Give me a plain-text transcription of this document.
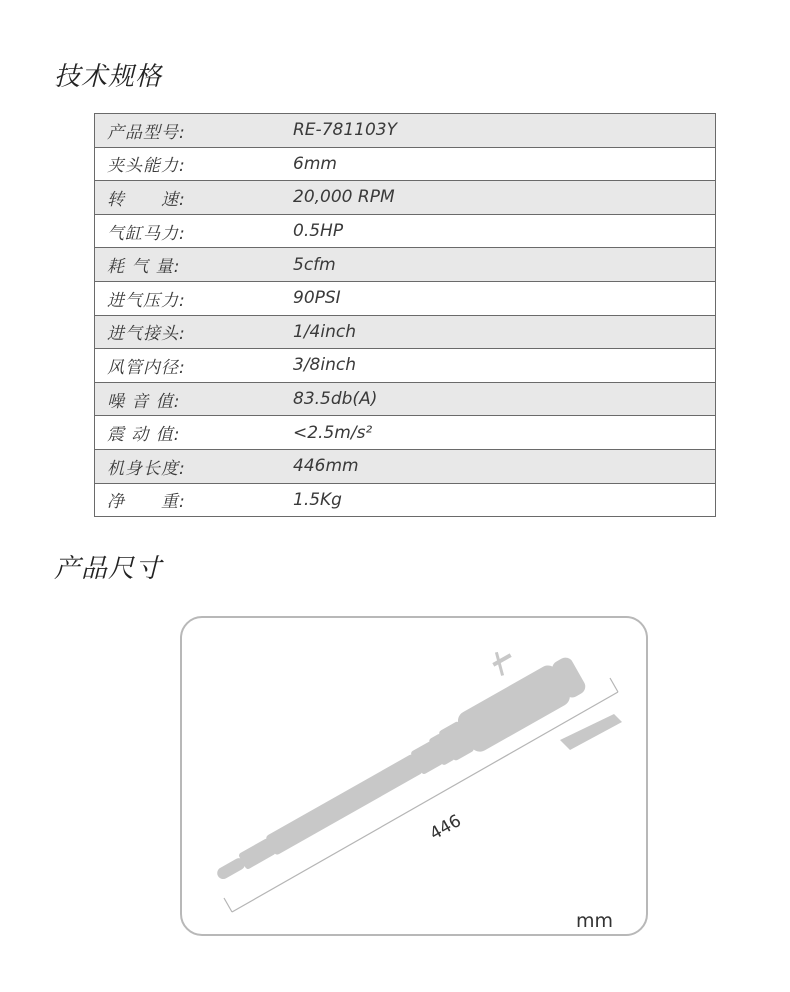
技术规格
产品型号:	RE-781103Y
夹头能力:	6mm
转　　速:	20,000 RPM
气缸马力:	0.5HP
耗 气 量:	5cfm
进气压力:	90PSI
进气接头:	1/4inch
风管内径:	3/8inch
噪 音 值:	83.5db(A)
震 动 值:	<2.5m/s²
机身长度:	446mm
净　　重:	1.5Kg
产品尺寸
446
mm
